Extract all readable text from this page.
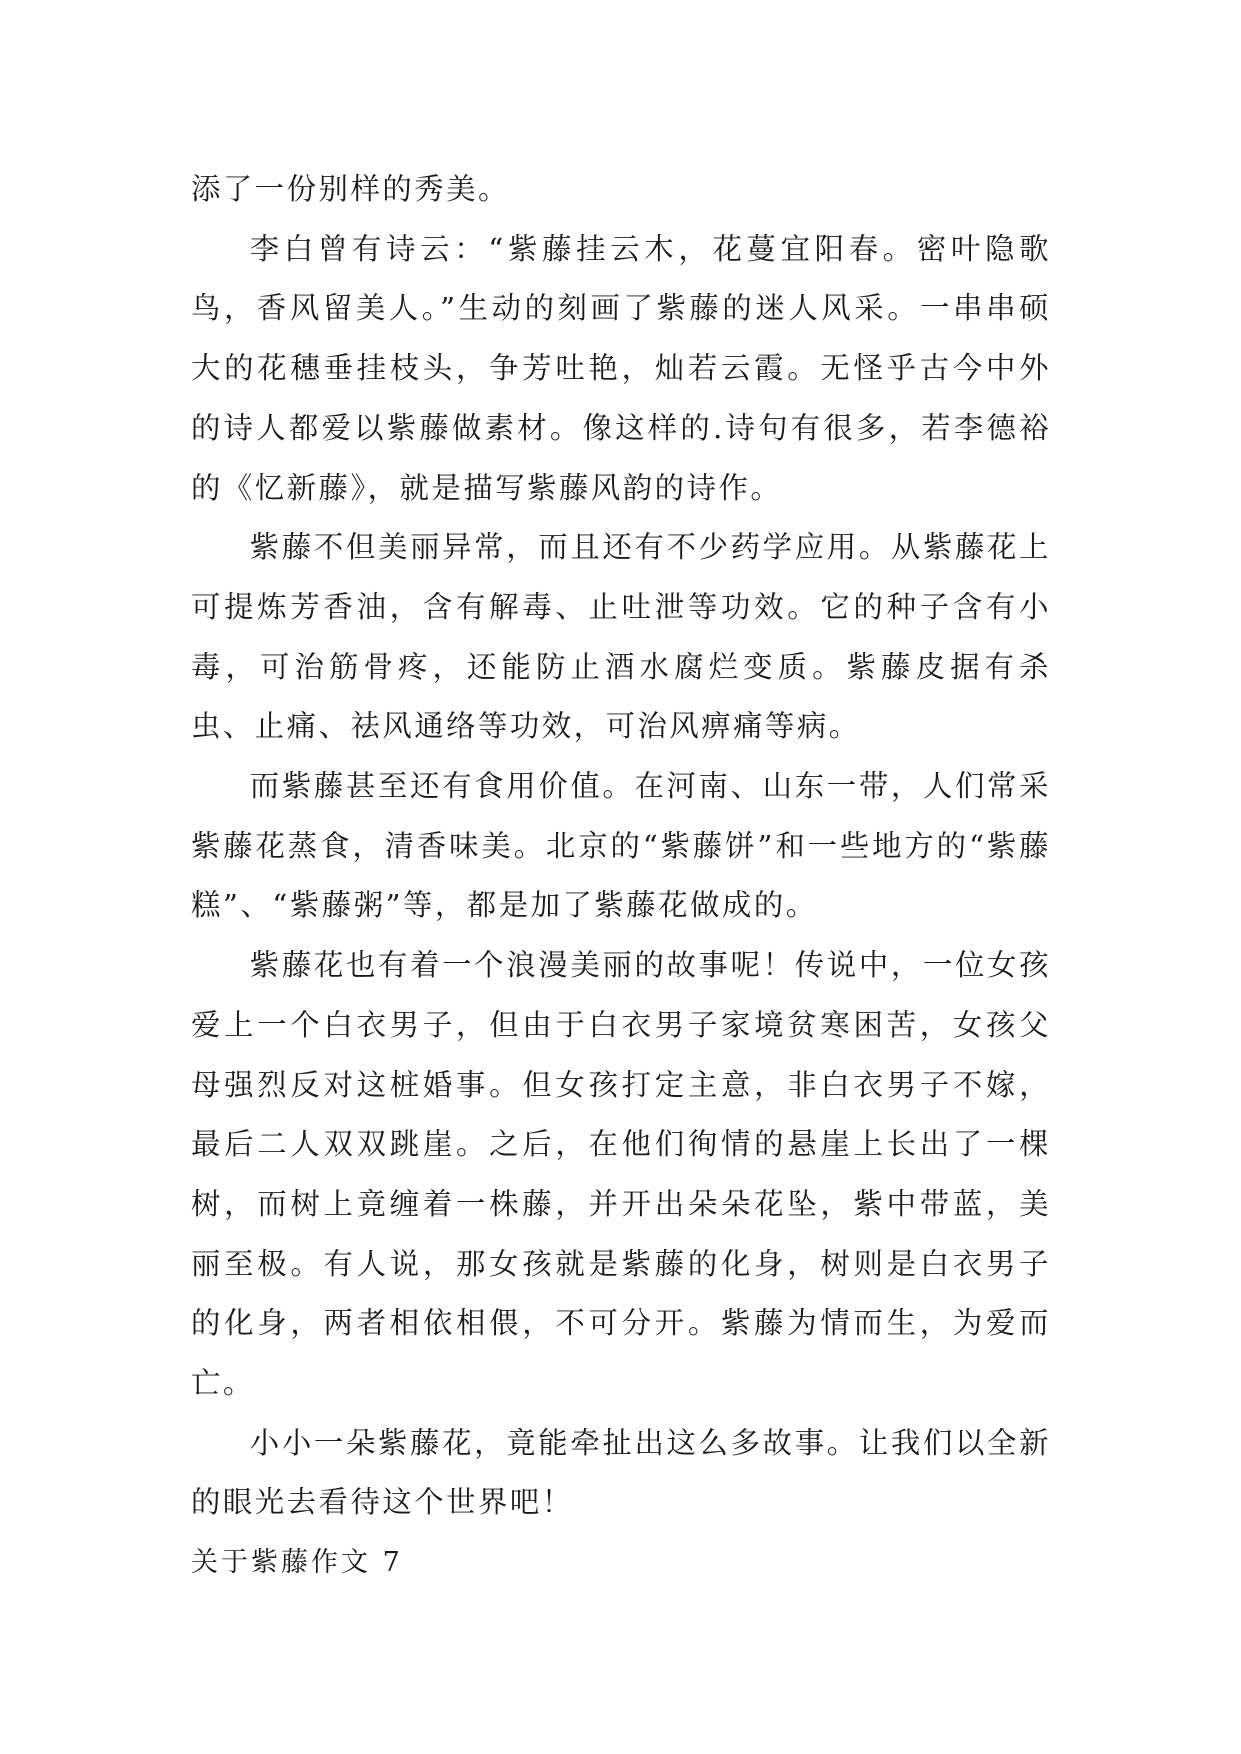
添了一份别样的秀美。

李白曾有诗云：“紫藤挂云木，花蔓宜阳春。密叶隐歌鸟，香风留美人。”生动的刻画了紫藤的迷人风采。一串串硕大的花穗垂挂枝头，争芳吐艳，灿若云霞。无怪乎古今中外的诗人都爱以紫藤做素材。像这样的.诗句有很多，若李德裕的《忆新藤》，就是描写紫藤风韵的诗作。

紫藤不但美丽异常，而且还有不少药学应用。从紫藤花上可提炼芳香油，含有解毒、止吐泄等功效。它的种子含有小毒，可治筋骨疼，还能防止酒水腐烂变质。紫藤皮据有杀虫、止痛、祛风通络等功效，可治风痹痛等病。

而紫藤甚至还有食用价值。在河南、山东一带，人们常采紫藤花蒸食，清香味美。北京的“紫藤饼”和一些地方的“紫藤糕”、“紫藤粥”等，都是加了紫藤花做成的。

紫藤花也有着一个浪漫美丽的故事呢！传说中，一位女孩爱上一个白衣男子，但由于白衣男子家境贫寒困苦，女孩父母强烈反对这桩婚事。但女孩打定主意，非白衣男子不嫁，最后二人双双跳崖。之后，在他们徇情的悬崖上长出了一棵树，而树上竟缠着一株藤，并开出朵朵花坠，紫中带蓝，美丽至极。有人说，那女孩就是紫藤的化身，树则是白衣男子的化身，两者相依相偎，不可分开。紫藤为情而生，为爱而亡。

小小一朵紫藤花，竟能牵扯出这么多故事。让我们以全新的眼光去看待这个世界吧！

关于紫藤作文 7
